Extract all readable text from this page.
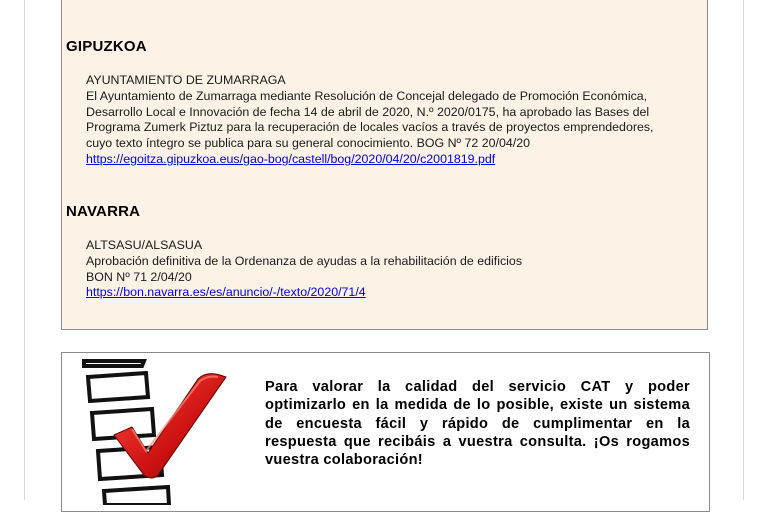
GIPUZKOA
AYUNTAMIENTO DE ZUMARRAGA
El Ayuntamiento de Zumarraga mediante Resolución de Concejal delegado de Promoción Económica,
Desarrollo Local e Innovación de fecha 14 de abril de 2020, N.º 2020/0175, ha aprobado las Bases del
Programa Zumerk Piztuz para la recuperación de locales vacíos a través de proyectos emprendedores,
cuyo texto íntegro se publica para su general conocimiento. BOG Nº 72 20/04/20
https://egoitza.gipuzkoa.eus/gao-bog/castell/bog/2020/04/20/c2001819.pdf
NAVARRA
ALTSASU/ALSASUA
Aprobación definitiva de la Ordenanza de ayudas a la rehabilitación de edificios
BON Nº 71 2/04/20
https://bon.navarra.es/es/anuncio/-/texto/2020/71/4
Para valorar la calidad del servicio CAT y poder optimizarlo en la medida de lo posible, existe un sistema de encuesta fácil y rápido de cumplimentar en la respuesta que recibáis a vuestra consulta. ¡Os rogamos vuestra colaboración!
